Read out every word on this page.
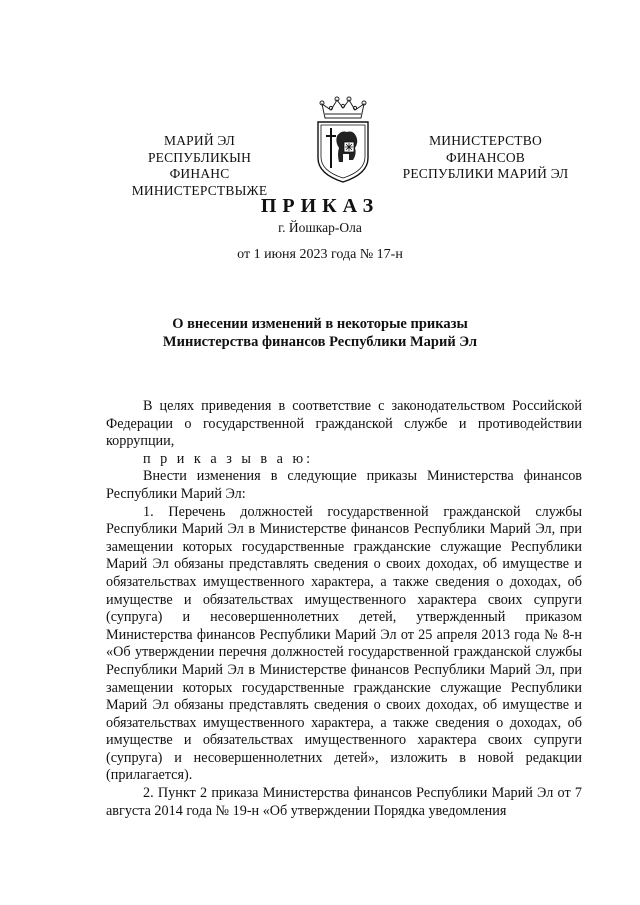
МАРИЙ ЭЛ РЕСПУБЛИКЫН
ФИНАНС МИНИСТЕРСТВЫЖЕ
МИНИСТЕРСТВО ФИНАНСОВ
РЕСПУБЛИКИ МАРИЙ ЭЛ
ПРИКАЗ
г. Йошкар-Ола
от 1 июня 2023 года № 17-н
О внесении изменений в некоторые приказы
Министерства финансов Республики Марий Эл

В целях приведения в соответствие с законодательством Российской Федерации о государственной гражданской службе и противодействии коррупции,

п р и к а з ы в а ю:

Внести изменения в следующие приказы Министерства финансов Республики Марий Эл:

1. Перечень должностей государственной гражданской службы Республики Марий Эл в Министерстве финансов Республики Марий Эл, при замещении которых государственные гражданские служащие Республики Марий Эл обязаны представлять сведения о своих доходах, об имуществе и обязательствах имущественного характера, а также сведения о доходах, об имуществе и обязательствах имущественного характера своих супруги (супруга) и несовершеннолетних детей, утвержденный приказом Министерства финансов Республики Марий Эл от 25 апреля 2013 года № 8-н «Об утверждении перечня должностей государственной гражданской службы Республики Марий Эл в Министерстве финансов Республики Марий Эл, при замещении которых государственные гражданские служащие Республики Марий Эл обязаны представлять сведения о своих доходах, об имуществе и обязательствах имущественного характера, а также сведения о доходах, об имуществе и обязательствах имущественного характера своих супруги (супруга) и несовершеннолетних детей», изложить в новой редакции (прилагается).

2. Пункт 2 приказа Министерства финансов Республики Марий Эл от 7 августа 2014 года № 19-н «Об утверждении Порядка уведомления
